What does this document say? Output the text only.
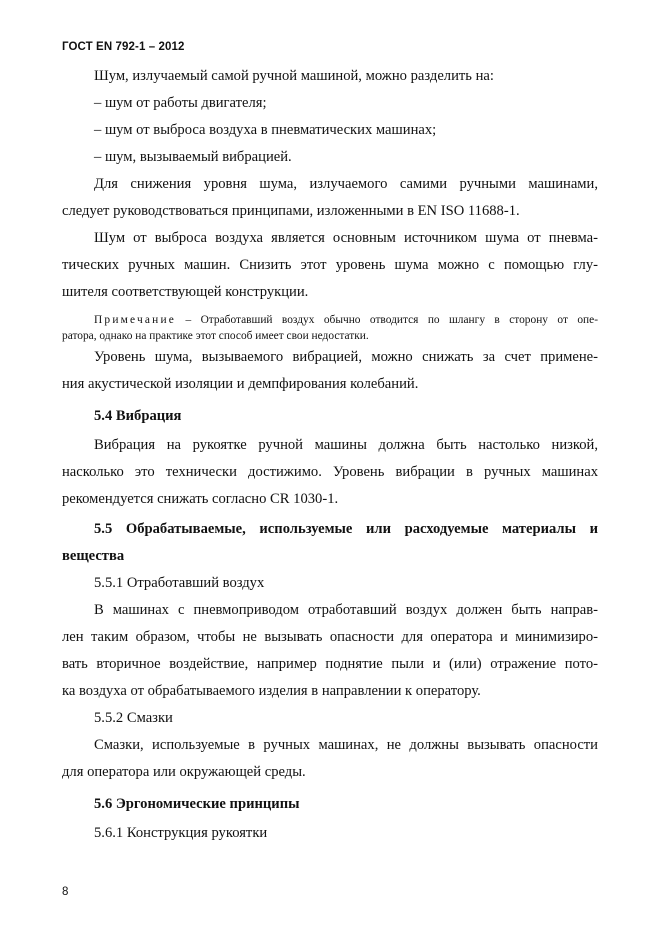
ГОСТ EN 792-1 – 2012
Шум, излучаемый самой ручной машиной, можно разделить на:
– шум от работы двигателя;
– шум от выброса воздуха в пневматических машинах;
– шум, вызываемый вибрацией.
Для снижения уровня шума, излучаемого самими ручными машинами,
следует руководствоваться принципами, изложенными в EN ISO 11688-1.
Шум от выброса воздуха является основным источником шума от пневма-
тических ручных машин. Снизить этот уровень шума можно с помощью глу-
шителя соответствующей конструкции.
Примечание – Отработавший воздух обычно отводится по шлангу в сторону от опе-
ратора, однако на практике этот способ имеет свои недостатки.
Уровень шума, вызываемого вибрацией, можно снижать за счет примене-
ния акустической изоляции и демпфирования колебаний.
5.4 Вибрация
Вибрация на рукоятке ручной машины должна быть настолько низкой,
насколько это технически достижимо. Уровень вибрации в ручных машинах
рекомендуется снижать согласно CR 1030-1.
5.5 Обрабатываемые, используемые или расходуемые материалы и
вещества
5.5.1 Отработавший воздух
В машинах с пневмоприводом отработавший воздух должен быть направ-
лен таким образом, чтобы не вызывать опасности для оператора и минимизиро-
вать вторичное воздействие, например поднятие пыли и (или) отражение пото-
ка воздуха от обрабатываемого изделия в направлении к оператору.
5.5.2 Смазки
Смазки, используемые в ручных машинах, не должны вызывать опасности
для оператора или окружающей среды.
5.6 Эргономические принципы
5.6.1 Конструкция рукоятки
8
